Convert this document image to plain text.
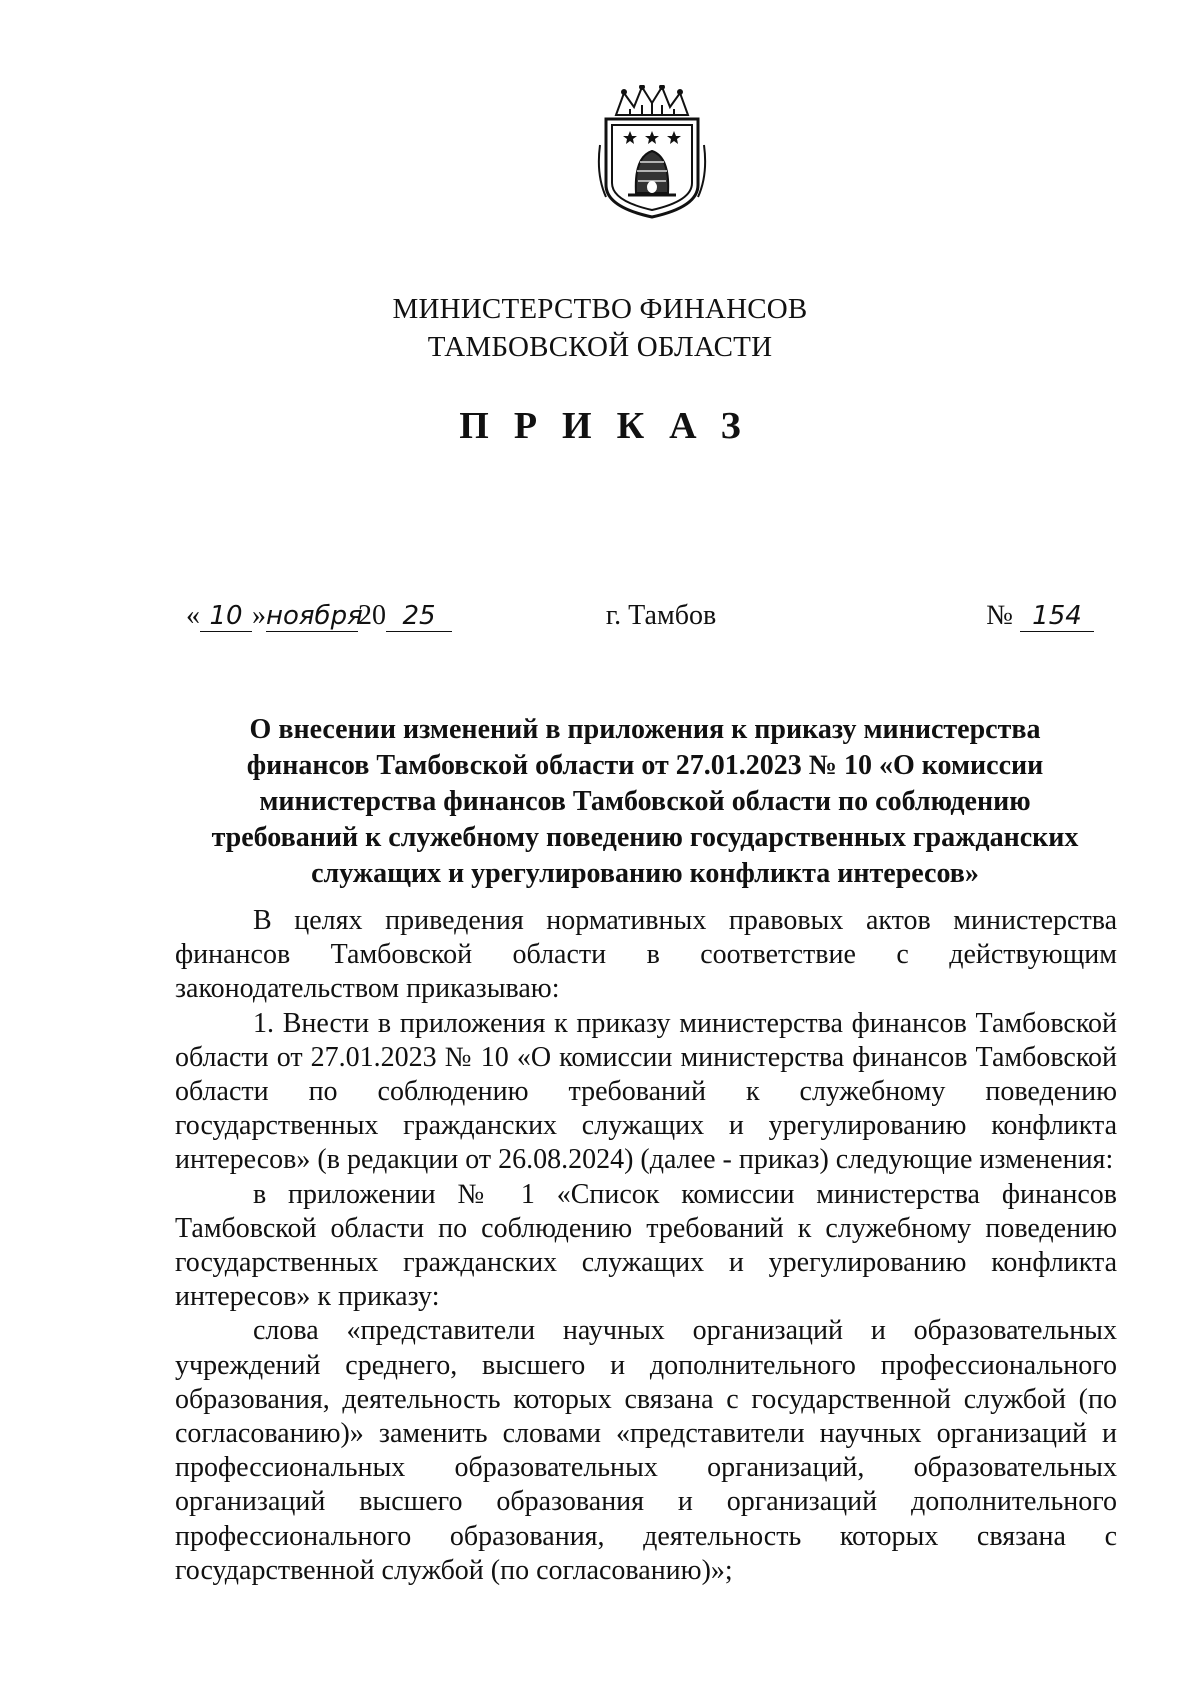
МИНИСТЕРСТВО ФИНАНСОВ
ТАМБОВСКОЙ ОБЛАСТИ
ПРИКАЗ
« 10 »ноября20 25	г. Тамбов	№ 154
О внесении изменений в приложения к приказу министерства
финансов Тамбовской области от 27.01.2023 № 10 «О комиссии
министерства финансов Тамбовской области по соблюдению
требований к служебному поведению государственных гражданских
служащих и урегулированию конфликта интересов»

В целях приведения нормативных правовых актов министерства финансов Тамбовской области в соответствие с действующим законодательством приказываю:

1. Внести в приложения к приказу министерства финансов Тамбовской области от 27.01.2023 № 10 «О комиссии министерства финансов Тамбовской области по соблюдению требований к служебному поведению государственных гражданских служащих и урегулированию конфликта интересов» (в редакции от 26.08.2024) (далее - приказ) следующие изменения:

в приложении № 1 «Список комиссии министерства финансов Тамбовской области по соблюдению требований к служебному поведению государственных гражданских служащих и урегулированию конфликта интересов» к приказу:

слова «представители научных организаций и образовательных учреждений среднего, высшего и дополнительного профессионального образования, деятельность которых связана с государственной службой (по согласованию)» заменить словами «представители научных организаций и профессиональных образовательных организаций, образовательных организаций высшего образования и организаций дополнительного профессионального образования, деятельность которых связана с государственной службой (по согласованию)»;
